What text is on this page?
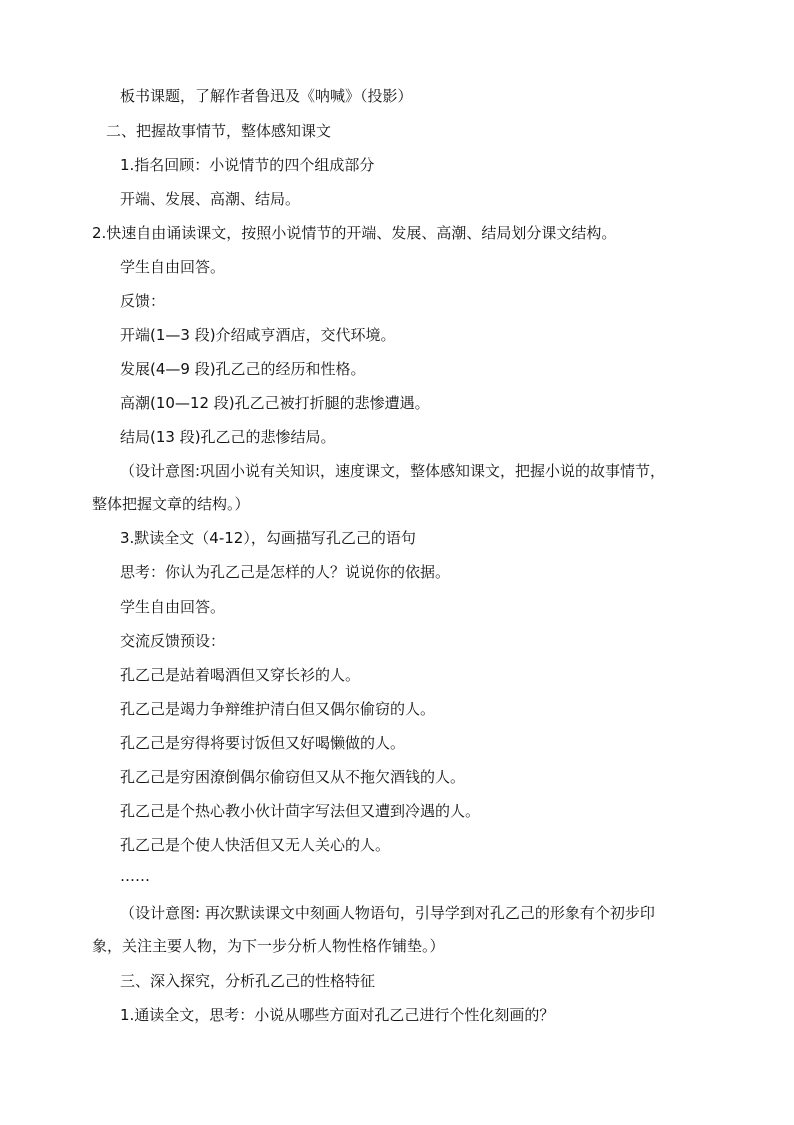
板书课题，了解作者鲁迅及《呐喊》（投影）
二、把握故事情节，整体感知课文
1.指名回顾：小说情节的四个组成部分
开端、发展、高潮、结局。
2.快速自由诵读课文，按照小说情节的开端、发展、高潮、结局划分课文结构。
学生自由回答。
反馈：
开端(1—3 段)介绍咸亨酒店，交代环境。
发展(4—9 段)孔乙己的经历和性格。
高潮(10—12 段)孔乙己被打折腿的悲惨遭遇。
结局(13 段)孔乙己的悲惨结局。
（设计意图:巩固小说有关知识，速度课文，整体感知课文，把握小说的故事情节，
整体把握文章的结构。）
3.默读全文（4-12），勾画描写孔乙己的语句
思考：你认为孔乙己是怎样的人？说说你的依据。
学生自由回答。
交流反馈预设：
孔乙己是站着喝酒但又穿长衫的人。
孔乙己是竭力争辩维护清白但又偶尔偷窃的人。
孔乙己是穷得将要讨饭但又好喝懒做的人。
孔乙己是穷困潦倒偶尔偷窃但又从不拖欠酒钱的人。
孔乙己是个热心教小伙计茴字写法但又遭到冷遇的人。
孔乙己是个使人快活但又无人关心的人。
……
（设计意图: 再次默读课文中刻画人物语句，引导学到对孔乙己的形象有个初步印
象，关注主要人物，为下一步分析人物性格作铺垫。）
三、深入探究，分析孔乙己的性格特征
1.通读全文，思考：小说从哪些方面对孔乙己进行个性化刻画的？
